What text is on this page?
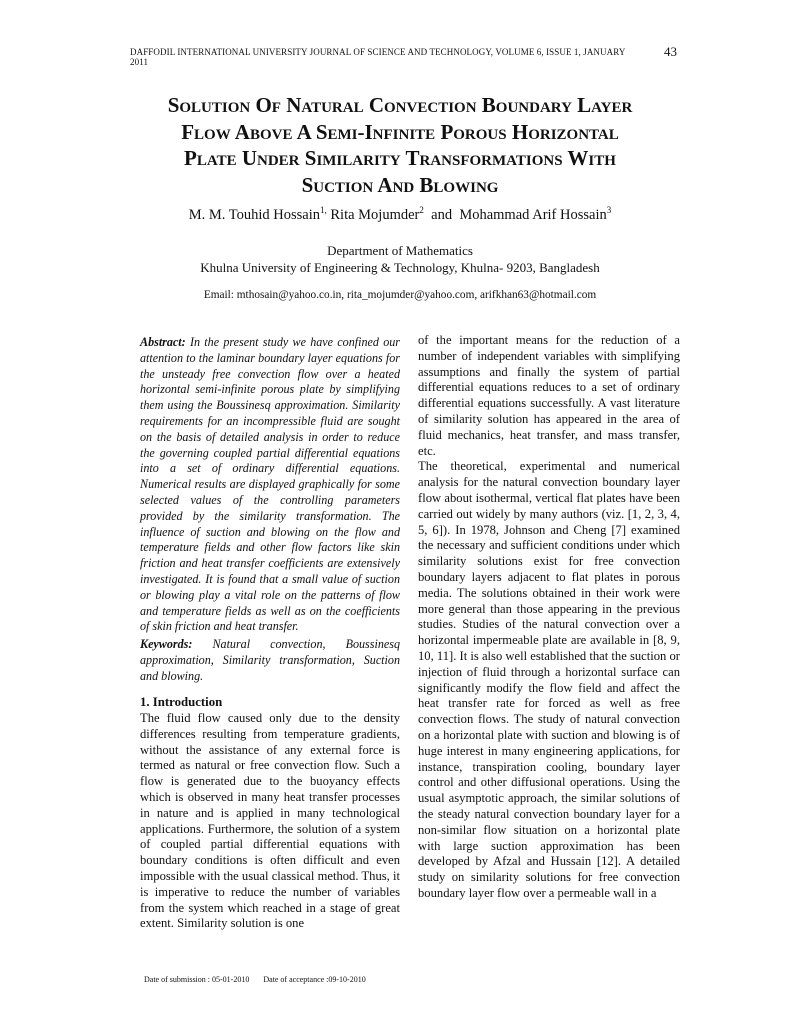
DAFFODIL INTERNATIONAL UNIVERSITY JOURNAL OF SCIENCE AND TECHNOLOGY, VOLUME 6, ISSUE 1, JANUARY 2011
43
Solution Of Natural Convection Boundary Layer
Flow Above A Semi-Infinite Porous Horizontal
Plate Under Similarity Transformations With
Suction And Blowing
M. M. Touhid Hossain$^{1,}$ Rita Mojumder$^2$ and Mohammad Arif Hossain$^3$
Department of Mathematics
Khulna University of Engineering & Technology, Khulna- 9203, Bangladesh
Email: mthosain@yahoo.co.in, rita_mojumder@yahoo.com, arifkhan63@hotmail.com
Abstract: In the present study we have confined our attention to the laminar boundary layer equations for the unsteady free convection flow over a heated horizontal semi-infinite porous plate by simplifying them using the Boussinesq approximation. Similarity requirements for an incompressible fluid are sought on the basis of detailed analysis in order to reduce the governing coupled partial differential equations into a set of ordinary differential equations. Numerical results are displayed graphically for some selected values of the controlling parameters provided by the similarity transformation. The influence of suction and blowing on the flow and temperature fields and other flow factors like skin friction and heat transfer coefficients are extensively investigated. It is found that a small value of suction or blowing play a vital role on the patterns of flow and temperature fields as well as on the coefficients of skin friction and heat transfer.
Keywords: Natural convection, Boussinesq approximation, Similarity transformation, Suction and blowing.
1. Introduction

The fluid flow caused only due to the density differences resulting from temperature gradients, without the assistance of any external force is termed as natural or free convection flow. Such a flow is generated due to the buoyancy effects which is observed in many heat transfer processes in nature and is applied in many technological applications. Furthermore, the solution of a system of coupled partial differential equations with boundary conditions is often difficult and even impossible with the usual classical method. Thus, it is imperative to reduce the number of variables from the system which reached in a stage of great extent. Similarity solution is one

of the important means for the reduction of a number of independent variables with simplifying assumptions and finally the system of partial differential equations reduces to a set of ordinary differential equations successfully. A vast literature of similarity solution has appeared in the area of fluid mechanics, heat transfer, and mass transfer, etc.

The theoretical, experimental and numerical analysis for the natural convection boundary layer flow about isothermal, vertical flat plates have been carried out widely by many authors (viz. [1, 2, 3, 4, 5, 6]). In 1978, Johnson and Cheng [7] examined the necessary and sufficient conditions under which similarity solutions exist for free convection boundary layers adjacent to flat plates in porous media. The solutions obtained in their work were more general than those appearing in the previous studies. Studies of the natural convection over a horizontal impermeable plate are available in [8, 9, 10, 11]. It is also well established that the suction or injection of fluid through a horizontal surface can significantly modify the flow field and affect the heat transfer rate for forced as well as free convection flows. The study of natural convection on a horizontal plate with suction and blowing is of huge interest in many engineering applications, for instance, transpiration cooling, boundary layer control and other diffusional operations. Using the usual asymptotic approach, the similar solutions of the steady natural convection boundary layer for a non-similar flow situation on a horizontal plate with large suction approximation has been developed by Afzal and Hussain [12]. A detailed study on similarity solutions for free convection boundary layer flow over a permeable wall in a

Date of submission : 05-01-2010 Date of acceptance :09-10-2010
